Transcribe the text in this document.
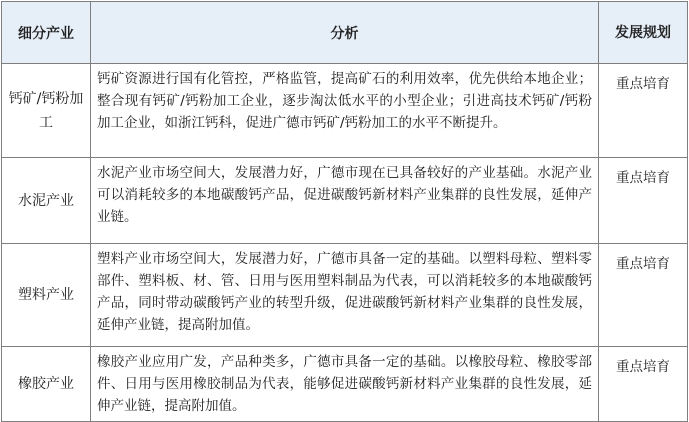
细分产业	分析	发展规划
钙矿/钙粉加工	钙矿资源进行国有化管控，严格监管，提高矿石的利用效率，优先供给本地企业；整合现有钙矿/钙粉加工企业，逐步淘汰低水平的小型企业；引进高技术钙矿/钙粉加工企业，如浙江钙科，促进广德市钙矿/钙粉加工的水平不断提升。	重点培育
水泥产业	水泥产业市场空间大，发展潜力好，广德市现在已具备较好的产业基础。水泥产业可以消耗较多的本地碳酸钙产品，促进碳酸钙新材料产业集群的良性发展，延伸产业链。	重点培育
塑料产业	塑料产业市场空间大，发展潜力好，广德市具备一定的基础。以塑料母粒、塑料零部件、塑料板、材、管、日用与医用塑料制品为代表，可以消耗较多的本地碳酸钙产品，同时带动碳酸钙产业的转型升级，促进碳酸钙新材料产业集群的良性发展，延伸产业链，提高附加值。	重点培育
橡胶产业	橡胶产业应用广发，产品种类多，广德市具备一定的基础。以橡胶母粒、橡胶零部件、日用与医用橡胶制品为代表，能够促进碳酸钙新材料产业集群的良性发展，延伸产业链，提高附加值。	重点培育
